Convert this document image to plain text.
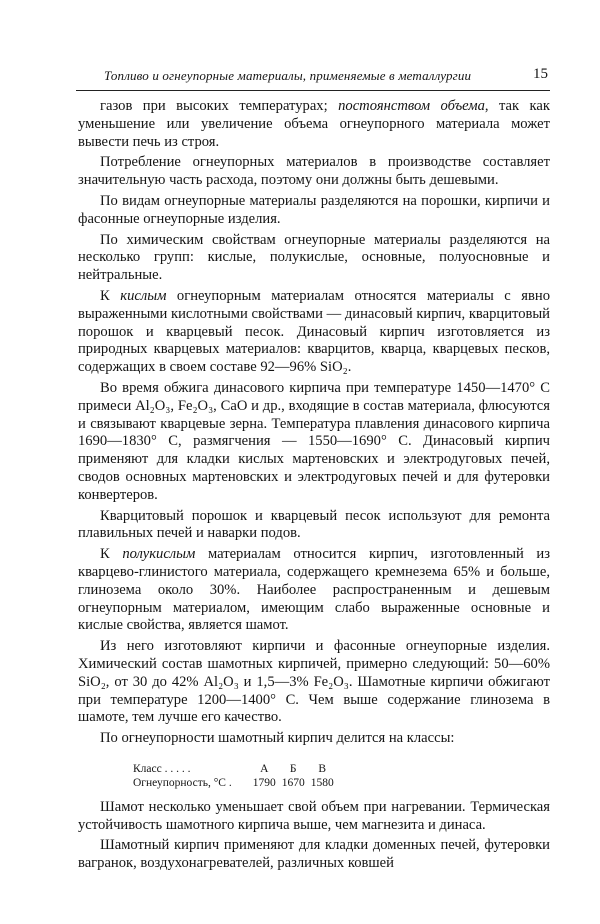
Топливо и огнеупорные материалы, применяемые в металлургии	15

газов при высоких температурах; постоянством объема, так как уменьшение или увеличение объема огнеупорного материала может вывести печь из строя.

Потребление огнеупорных материалов в производстве составляет значительную часть расхода, поэтому они должны быть дешевыми.

По видам огнеупорные материалы разделяются на порошки, кирпичи и фасонные огнеупорные изделия.

По химическим свойствам огнеупорные материалы разделяются на несколько групп: кислые, полукислые, основные, полуосновные и нейтральные.

К кислым огнеупорным материалам относятся материалы с явно выраженными кислотными свойствами — динасовый кирпич, кварцитовый порошок и кварцевый песок. Динасовый кирпич изготовляется из природных кварцевых материалов: кварцитов, кварца, кварцевых песков, содержащих в своем составе 92—96% SiO₂.

Во время обжига динасового кирпича при температуре 1450—1470° C примеси Al₂O₃, Fe₂O₃, CaO и др., входящие в состав материала, флюсуются и связывают кварцевые зерна. Температура плавления динасового кирпича 1690—1830° C, размягчения — 1550—1690° C. Динасовый кирпич применяют для кладки кислых мартеновских и электродуговых печей, сводов основных мартеновских и электродуговых печей и для футеровки конвертеров.

Кварцитовый порошок и кварцевый песок используют для ремонта плавильных печей и наварки подов.

К полукислым материалам относится кирпич, изготовленный из кварцево-глинистого материала, содержащего кремнезема 65% и больше, глинозема около 30%. Наиболее распространенным и дешевым огнеупорным материалом, имеющим слабо выраженные основные и кислые свойства, является шамот.

Из него изготовляют кирпичи и фасонные огнеупорные изделия. Химический состав шамотных кирпичей, примерно следующий: 50—60% SiO₂, от 30 до 42% Al₂O₃ и 1,5—3% Fe₂O₃. Шамотные кирпичи обжигают при температуре 1200—1400° C. Чем выше содержание глинозема в шамоте, тем лучше его качество.

По огнеупорности шамотный кирпич делится на классы:

Класс . . . . .	А	Б	В
Огнеупорность, °C .	1790	1670	1580

Шамот несколько уменьшает свой объем при нагревании. Термическая устойчивость шамотного кирпича выше, чем магнезита и динаса.

Шамотный кирпич применяют для кладки доменных печей, футеровки вагранок, воздухонагревателей, различных ковшей
